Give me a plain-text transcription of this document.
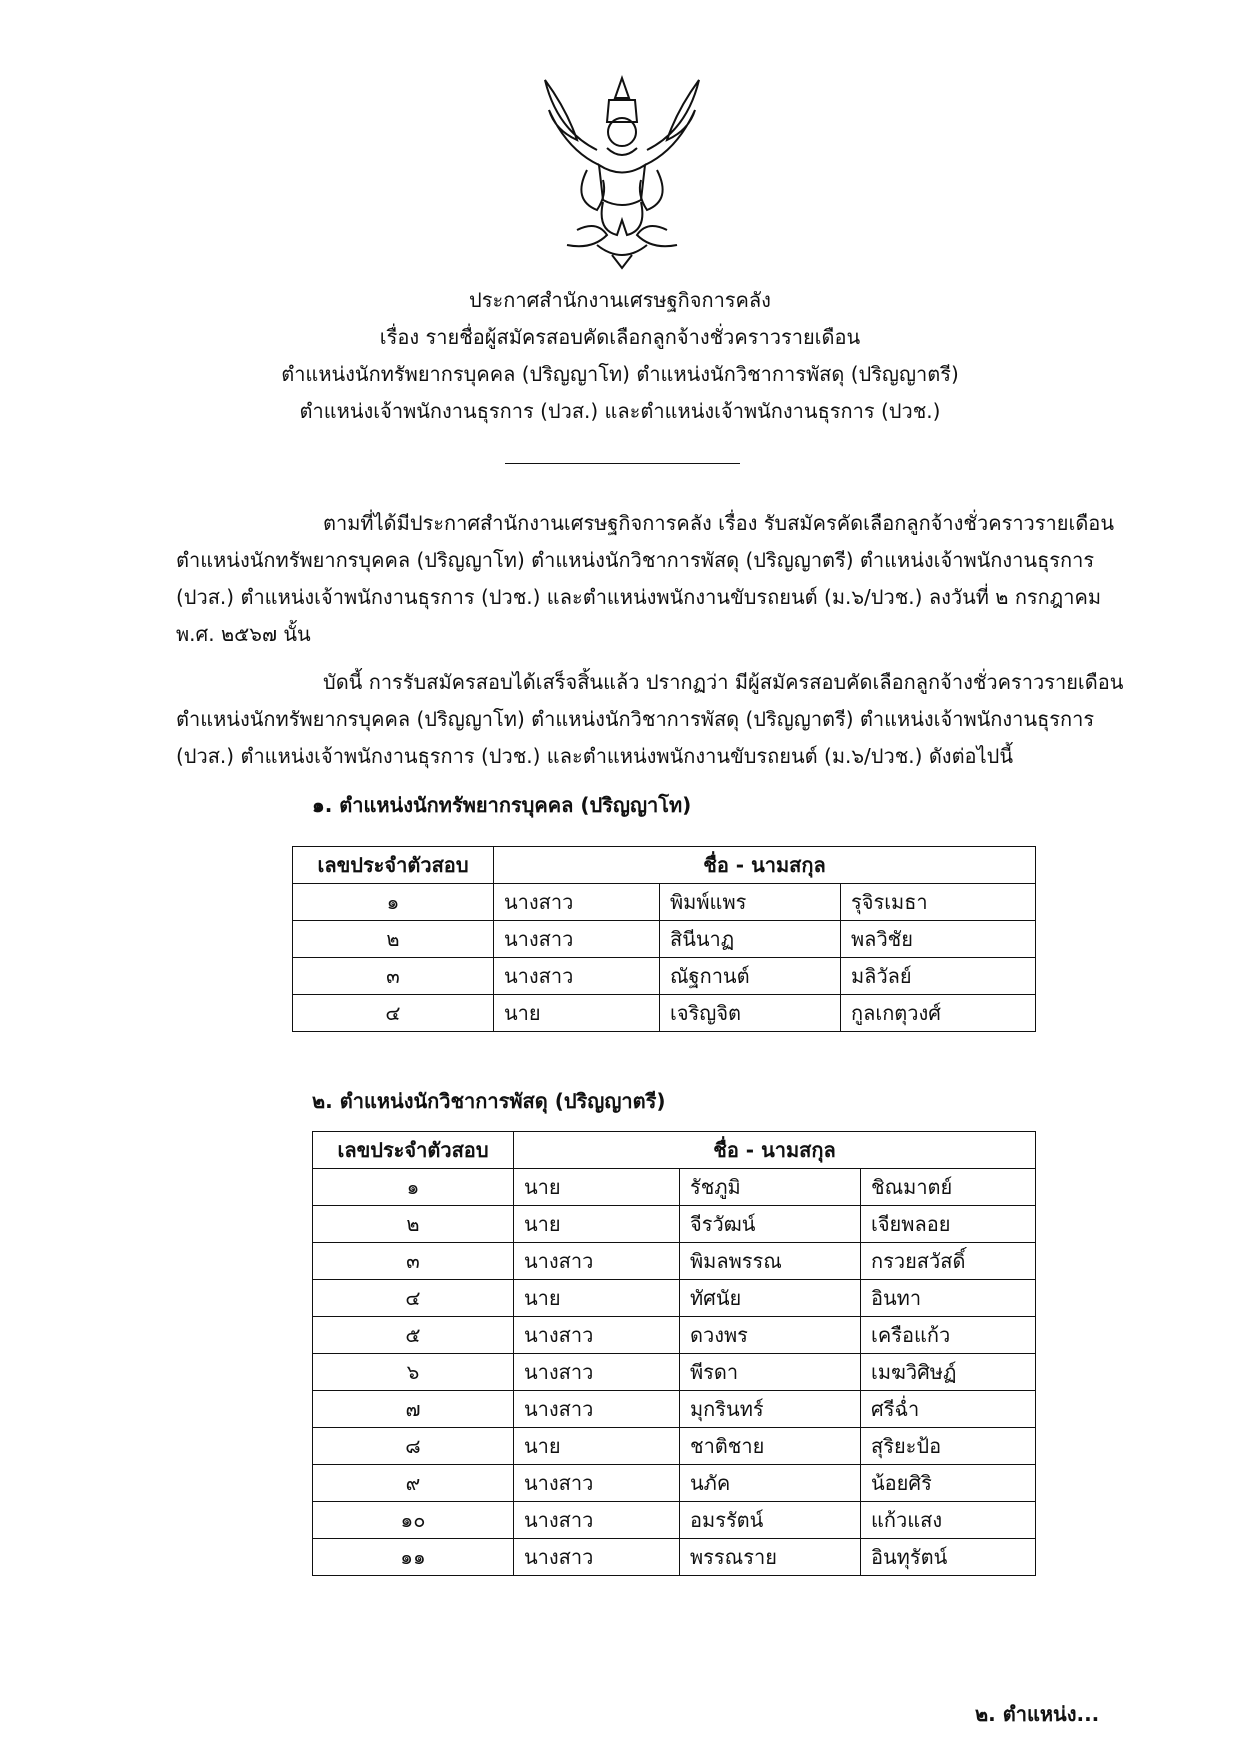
ประกาศสำนักงานเศรษฐกิจการคลัง
เรื่อง รายชื่อผู้สมัครสอบคัดเลือกลูกจ้างชั่วคราวรายเดือน
ตำแหน่งนักทรัพยากรบุคคล (ปริญญาโท) ตำแหน่งนักวิชาการพัสดุ (ปริญญาตรี)
ตำแหน่งเจ้าพนักงานธุรการ (ปวส.) และตำแหน่งเจ้าพนักงานธุรการ (ปวช.)
ตามที่ได้มีประกาศสำนักงานเศรษฐกิจการคลัง เรื่อง รับสมัครคัดเลือกลูกจ้างชั่วคราวรายเดือน
ตำแหน่งนักทรัพยากรบุคคล (ปริญญาโท) ตำแหน่งนักวิชาการพัสดุ (ปริญญาตรี) ตำแหน่งเจ้าพนักงานธุรการ
(ปวส.) ตำแหน่งเจ้าพนักงานธุรการ (ปวช.) และตำแหน่งพนักงานขับรถยนต์ (ม.๖/ปวช.) ลงวันที่ ๒ กรกฎาคม
พ.ศ. ๒๕๖๗ นั้น
บัดนี้ การรับสมัครสอบได้เสร็จสิ้นแล้ว ปรากฏว่า มีผู้สมัครสอบคัดเลือกลูกจ้างชั่วคราวรายเดือน
ตำแหน่งนักทรัพยากรบุคคล (ปริญญาโท) ตำแหน่งนักวิชาการพัสดุ (ปริญญาตรี) ตำแหน่งเจ้าพนักงานธุรการ
(ปวส.) ตำแหน่งเจ้าพนักงานธุรการ (ปวช.) และตำแหน่งพนักงานขับรถยนต์ (ม.๖/ปวช.) ดังต่อไปนี้
๑. ตำแหน่งนักทรัพยากรบุคคล (ปริญญาโท)
เลขประจำตัวสอบ	ชื่อ - นามสกุล		
๑	นางสาว	พิมพ์แพร	รุจิรเมธา
๒	นางสาว	สินีนาฏ	พลวิชัย
๓	นางสาว	ณัฐกานต์	มลิวัลย์
๔	นาย	เจริญจิต	กูลเกตุวงศ์
๒. ตำแหน่งนักวิชาการพัสดุ (ปริญญาตรี)
เลขประจำตัวสอบ	ชื่อ - นามสกุล		
๑	นาย	รัชภูมิ	ชิณมาตย์
๒	นาย	จีรวัฒน์	เจียพลอย
๓	นางสาว	พิมลพรรณ	กรวยสวัสดิ์
๔	นาย	ทัศนัย	อินทา
๕	นางสาว	ดวงพร	เครือแก้ว
๖	นางสาว	พีรดา	เมฆวิศิษฏ์
๗	นางสาว	มุกรินทร์	ศรีฉ่ำ
๘	นาย	ชาติชาย	สุริยะป้อ
๙	นางสาว	นภัค	น้อยศิริ
๑๐	นางสาว	อมรรัตน์	แก้วแสง
๑๑	นางสาว	พรรณราย	อินทุรัตน์
๒. ตำแหน่ง...
